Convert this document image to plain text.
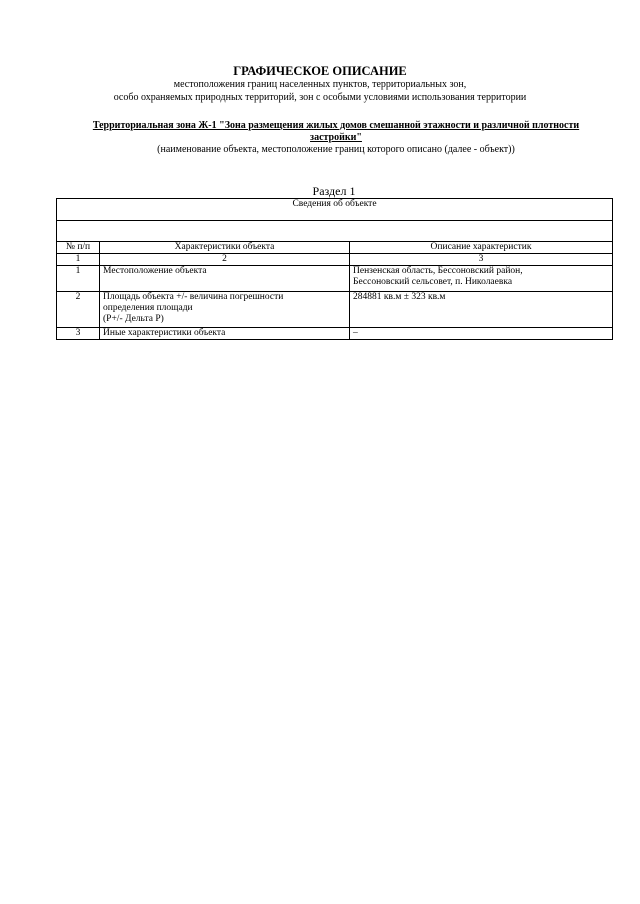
ГРАФИЧЕСКОЕ ОПИСАНИЕ

местоположения границ населенных пунктов, территориальных зон,

особо охраняемых природных территорий, зон с особыми условиями использования территории

Территориальная зона Ж-1 "Зона размещения жилых домов смешанной этажности и различной плотности

застройки"

(наименование объекта, местоположение границ которого описано (далее - объект))

Раздел 1
Сведения об объекте		

№ п/п	Характеристики объекта	Описание характеристик
1	2	3
1	Местоположение объекта	Пензенская область, Бессоновский район,
Бессоновский сельсовет, п. Николаевка
2	Площадь объекта +/- величина погрешности
определения площади
(Р+/- Дельта Р)	284881 кв.м ± 323 кв.м
3	Иные характеристики объекта	–
